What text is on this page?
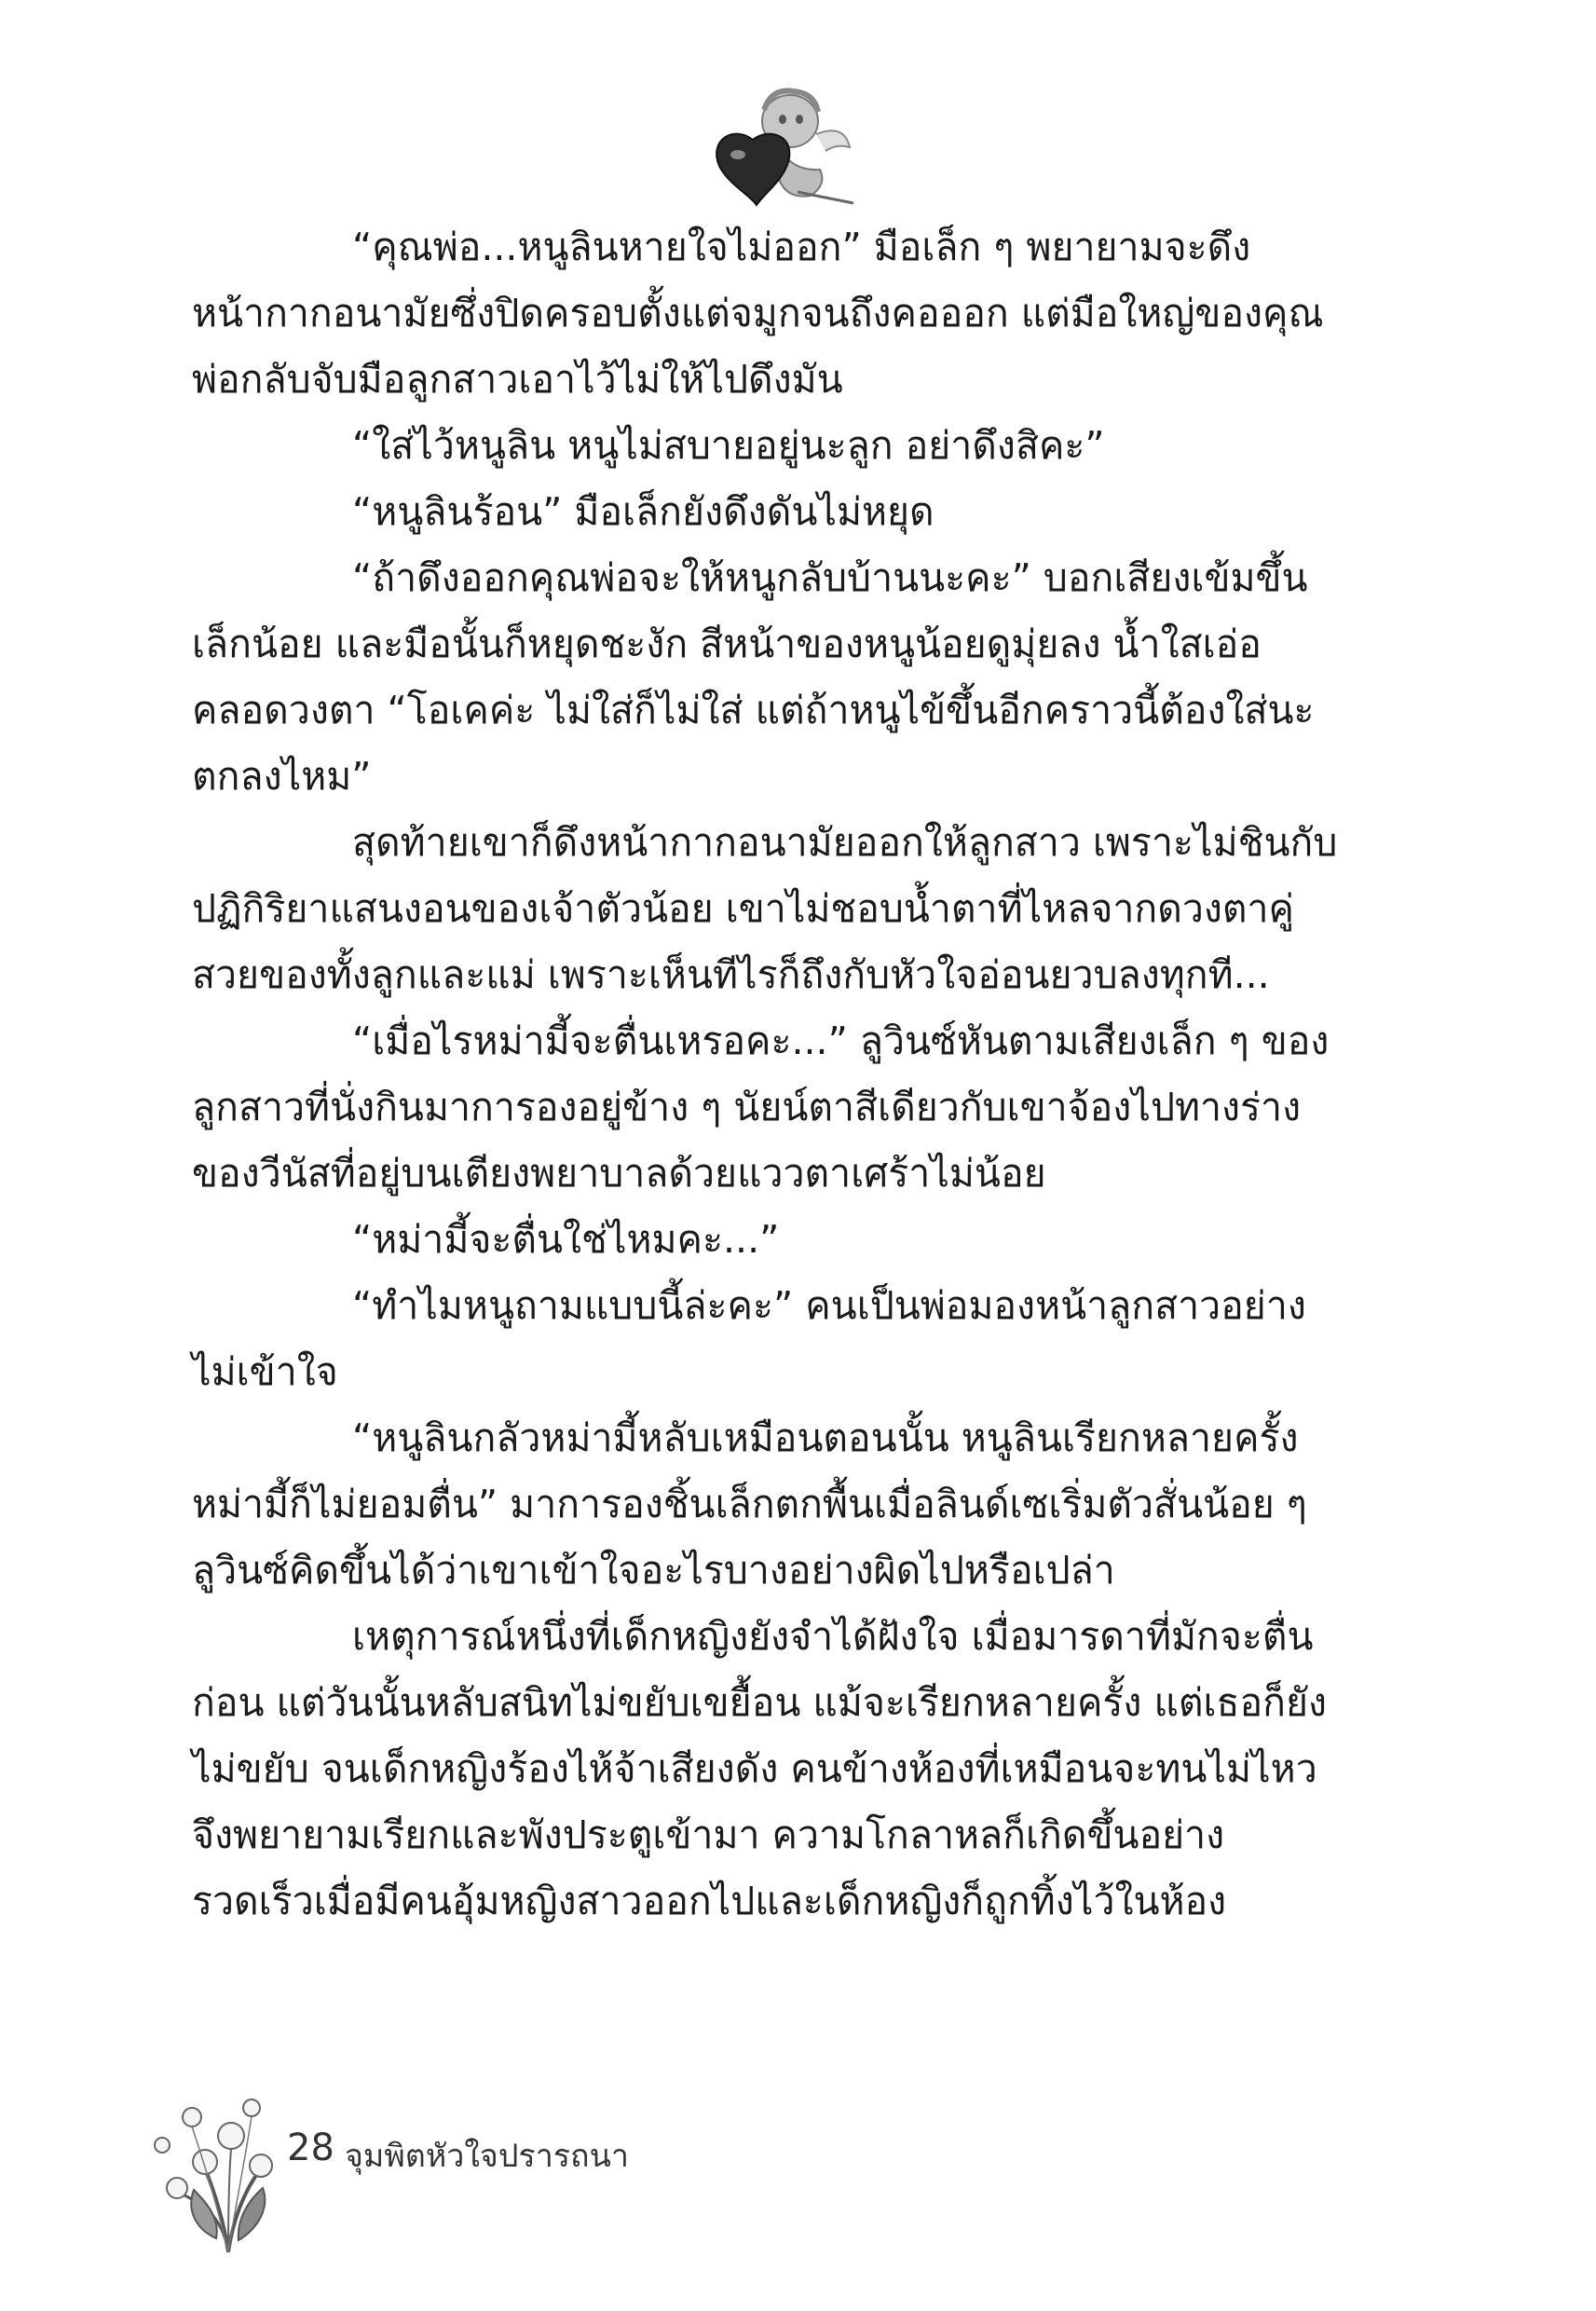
“คุณพ่อ...หนูลินหายใจไม่ออก” มือเล็ก ๆ พยายามจะดึงหน้ากากอนามัยซึ่งปิดครอบตั้งแต่จมูกจนถึงคอออก แต่มือใหญ่ของคุณพ่อกลับจับมือลูกสาวเอาไว้ไม่ให้ไปดึงมัน

“ใส่ไว้หนูลิน หนูไม่สบายอยู่นะลูก อย่าดึงสิคะ”

“หนูลินร้อน” มือเล็กยังดึงดันไม่หยุด

“ถ้าดึงออกคุณพ่อจะให้หนูกลับบ้านนะคะ” บอกเสียงเข้มขึ้นเล็กน้อย และมือนั้นก็หยุดชะงัก สีหน้าของหนูน้อยดูมุ่ยลง น้ำใสเอ่อคลอดวงตา “โอเคค่ะ ไม่ใส่ก็ไม่ใส่ แต่ถ้าหนูไข้ขึ้นอีกคราวนี้ต้องใส่นะ ตกลงไหม”

สุดท้ายเขาก็ดึงหน้ากากอนามัยออกให้ลูกสาว เพราะไม่ชินกับปฏิกิริยาแสนงอนของเจ้าตัวน้อย เขาไม่ชอบน้ำตาที่ไหลจากดวงตาคู่สวยของทั้งลูกและแม่ เพราะเห็นทีไรก็ถึงกับหัวใจอ่อนยวบลงทุกที...

“เมื่อไรหม่ามี้จะตื่นเหรอคะ...” ลูวินซ์หันตามเสียงเล็ก ๆ ของลูกสาวที่นั่งกินมาการองอยู่ข้าง ๆ นัยน์ตาสีเดียวกับเขาจ้องไปทางร่างของวีนัสที่อยู่บนเตียงพยาบาลด้วยแววตาเศร้าไม่น้อย

“หม่ามี้จะตื่นใช่ไหมคะ...”

“ทำไมหนูถามแบบนี้ล่ะคะ” คนเป็นพ่อมองหน้าลูกสาวอย่างไม่เข้าใจ

“หนูลินกลัวหม่ามี้หลับเหมือนตอนนั้น หนูลินเรียกหลายครั้งหม่ามี้ก็ไม่ยอมตื่น” มาการองชิ้นเล็กตกพื้นเมื่อลินด์เซเริ่มตัวสั่นน้อย ๆ ลูวินซ์คิดขึ้นได้ว่าเขาเข้าใจอะไรบางอย่างผิดไปหรือเปล่า

เหตุการณ์หนึ่งที่เด็กหญิงยังจำได้ฝังใจ เมื่อมารดาที่มักจะตื่นก่อน แต่วันนั้นหลับสนิทไม่ขยับเขยื้อน แม้จะเรียกหลายครั้ง แต่เธอก็ยังไม่ขยับ จนเด็กหญิงร้องไห้จ้าเสียงดัง คนข้างห้องที่เหมือนจะทนไม่ไหวจึงพยายามเรียกและพังประตูเข้ามา ความโกลาหลก็เกิดขึ้นอย่างรวดเร็วเมื่อมีคนอุ้มหญิงสาวออกไปและเด็กหญิงก็ถูกทิ้งไว้ในห้อง

28 จุมพิตหัวใจปรารถนา
